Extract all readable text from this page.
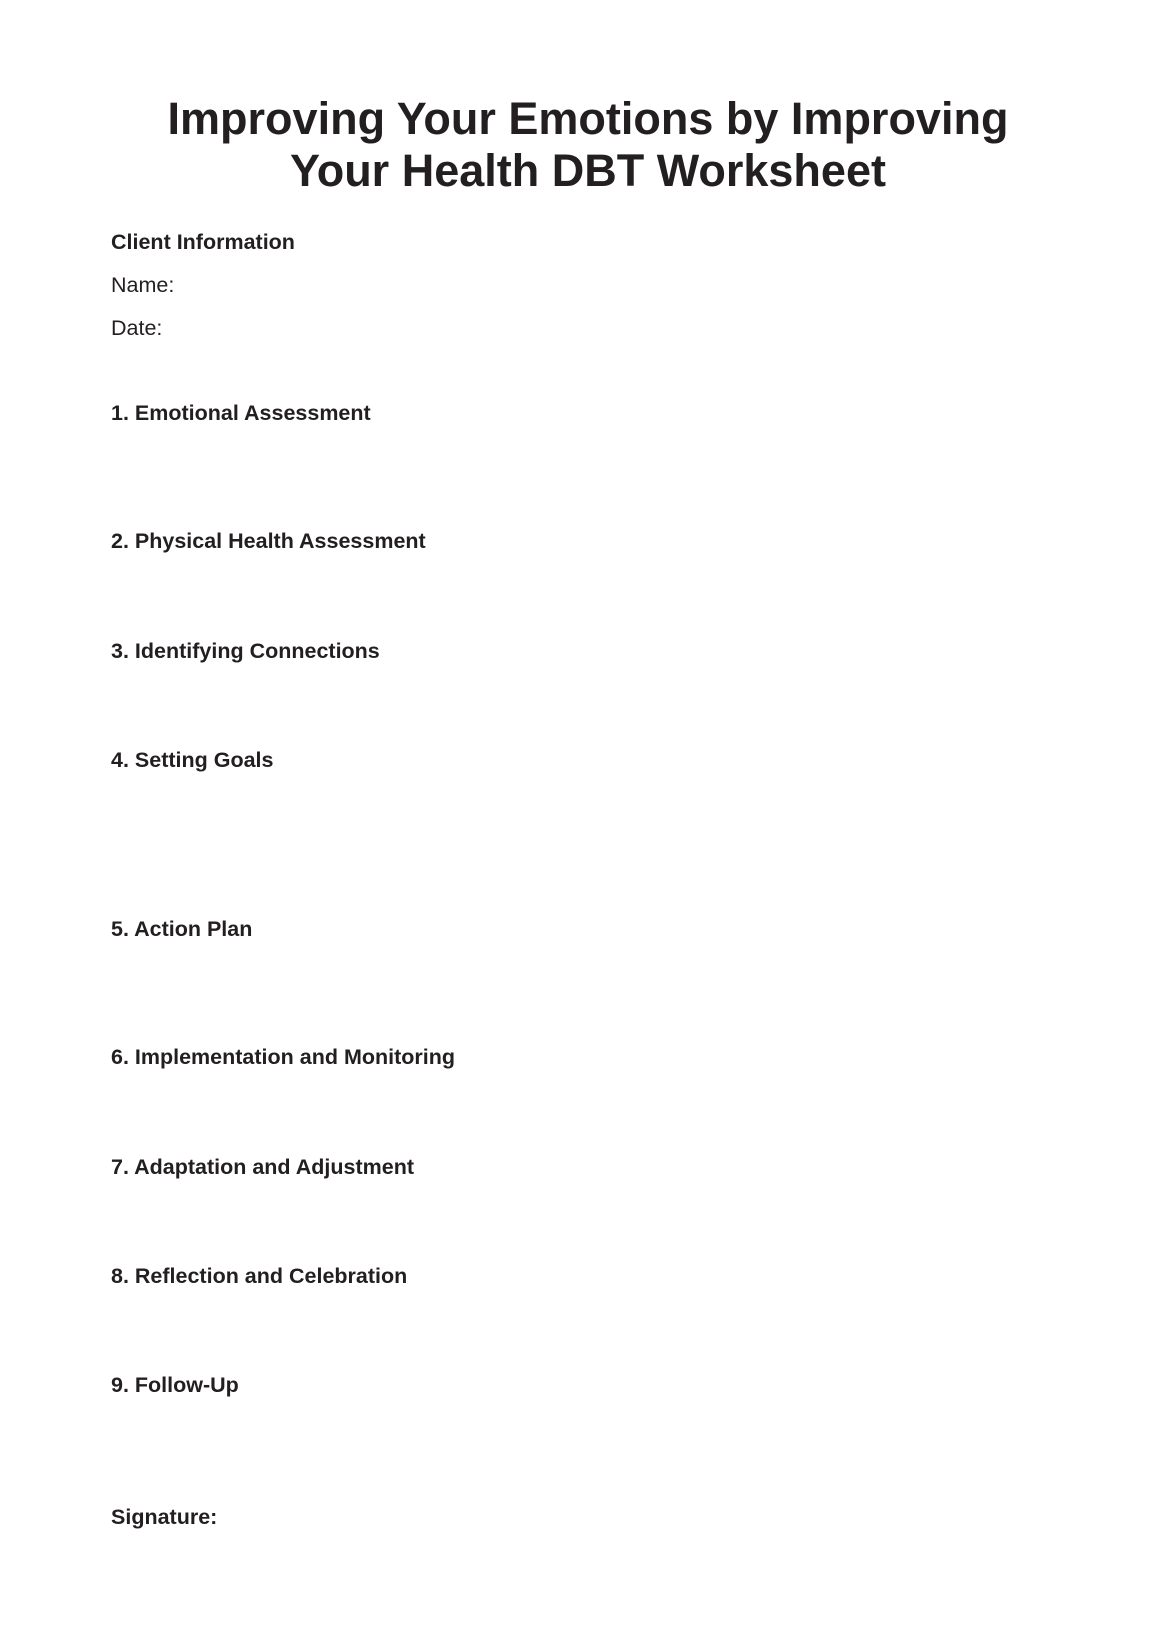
Improving Your Emotions by Improving
Your Health DBT Worksheet

Client Information

Name:

Date:

1. Emotional Assessment

2. Physical Health Assessment

3. Identifying Connections

4. Setting Goals

5. Action Plan

6. Implementation and Monitoring

7. Adaptation and Adjustment

8. Reflection and Celebration

9. Follow-Up

Signature:
